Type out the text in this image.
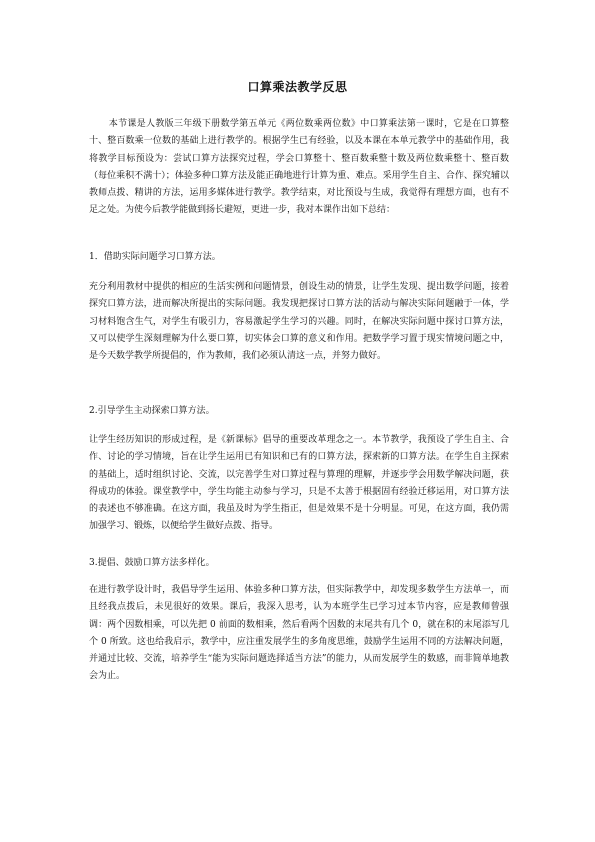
口算乘法教学反思

本节课是人教版三年级下册数学第五单元《两位数乘两位数》中口算乘法第一课时，它是在口算整十、整百数乘一位数的基础上进行教学的。根据学生已有经验，以及本课在本单元教学中的基础作用，我将教学目标预设为：尝试口算方法探究过程，学会口算整十、整百数乘整十数及两位数乘整十、整百数（每位乘积不满十）；体验多种口算方法及能正确地进行计算为重、难点。采用学生自主、合作、探究辅以教师点拨、精讲的方法，运用多媒体进行教学。教学结束，对比预设与生成，我觉得有理想方面，也有不足之处。为使今后教学能做到扬长避短，更进一步，我对本课作出如下总结：

1．借助实际问题学习口算方法。

充分利用教材中提供的相应的生活实例和问题情景，创设生动的情景，让学生发现、提出数学问题，接着探究口算方法，进而解决所提出的实际问题。我发现把探讨口算方法的活动与解决实际问题融于一体，学习材料饱含生气，对学生有吸引力，容易激起学生学习的兴趣。同时，在解决实际问题中探讨口算方法，又可以使学生深刻理解为什么要口算，切实体会口算的意义和作用。把数学学习置于现实情境问题之中，是今天数学教学所提倡的，作为教师，我们必须认清这一点，并努力做好。

2.引导学生主动探索口算方法。

让学生经历知识的形成过程，是《新课标》倡导的重要改革理念之一。本节教学，我预设了学生自主、合作、讨论的学习情境，旨在让学生运用已有知识和已有的口算方法，探索新的口算方法。在学生自主探索的基础上，适时组织讨论、交流，以完善学生对口算过程与算理的理解，并逐步学会用数学解决问题，获得成功的体验。课堂教学中，学生均能主动参与学习，只是不太善于根据固有经验迁移运用，对口算方法的表述也不够准确。在这方面，我虽及时为学生指正，但是效果不是十分明显。可见，在这方面，我仍需加强学习、锻炼，以便给学生做好点拨、指导。

3.提倡、鼓励口算方法多样化。

在进行教学设计时，我倡导学生运用、体验多种口算方法，但实际教学中，却发现多数学生方法单一，而且经我点拨后，未见很好的效果。课后，我深入思考，认为本班学生已学习过本节内容，应是教师曾强调：两个因数相乘，可以先把 0 前面的数相乘，然后看两个因数的末尾共有几个 0，就在积的末尾添写几个 0 所致。这也给我启示，教学中，应注重发展学生的多角度思维，鼓励学生运用不同的方法解决问题，并通过比较、交流，培养学生“能为实际问题选择适当方法”的能力，从而发展学生的数感，而非简单地教会为止。
